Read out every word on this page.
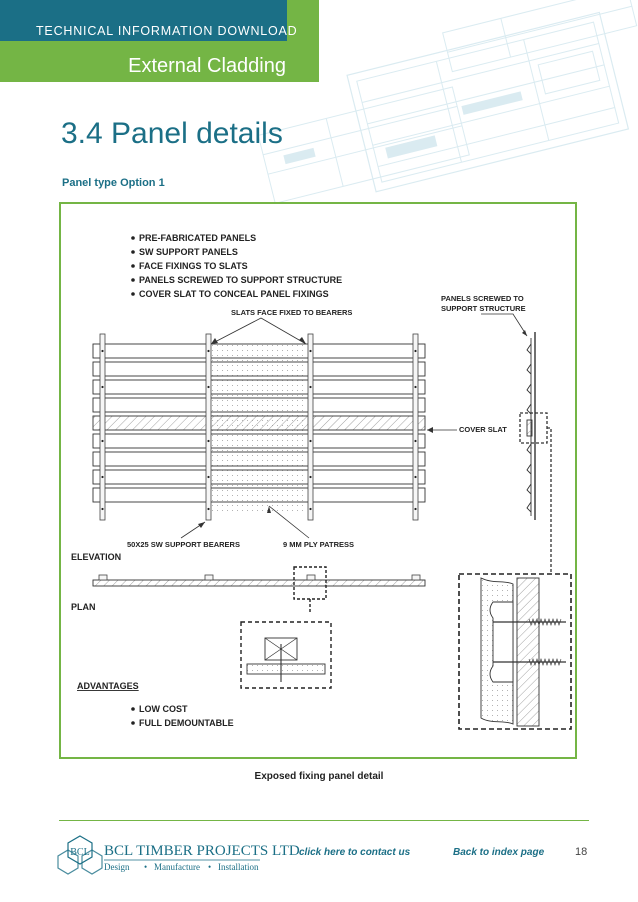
TECHNICAL INFORMATION DOWNLOAD
External Cladding
3.4 Panel details
Panel type Option 1
PRE-FABRICATED PANELS
SW SUPPORT PANELS
FACE FIXINGS TO SLATS
PANELS SCREWED TO SUPPORT STRUCTURE
COVER SLAT TO CONCEAL PANEL FIXINGS
SLATS FACE FIXED TO BEARERS
PANELS SCREWED TO
SUPPORT STRUCTURE
COVER SLAT
50X25 SW SUPPORT BEARERS	9 MM PLY PATRESS
ELEVATION
PLAN
ADVANTAGES
LOW COST
FULL DEMOUNTABLE
Exposed fixing panel detail
BCL BCL TIMBER PROJECTS LTD
Design • Manufacture • Installation
click here to contact us	Back to index page	18
